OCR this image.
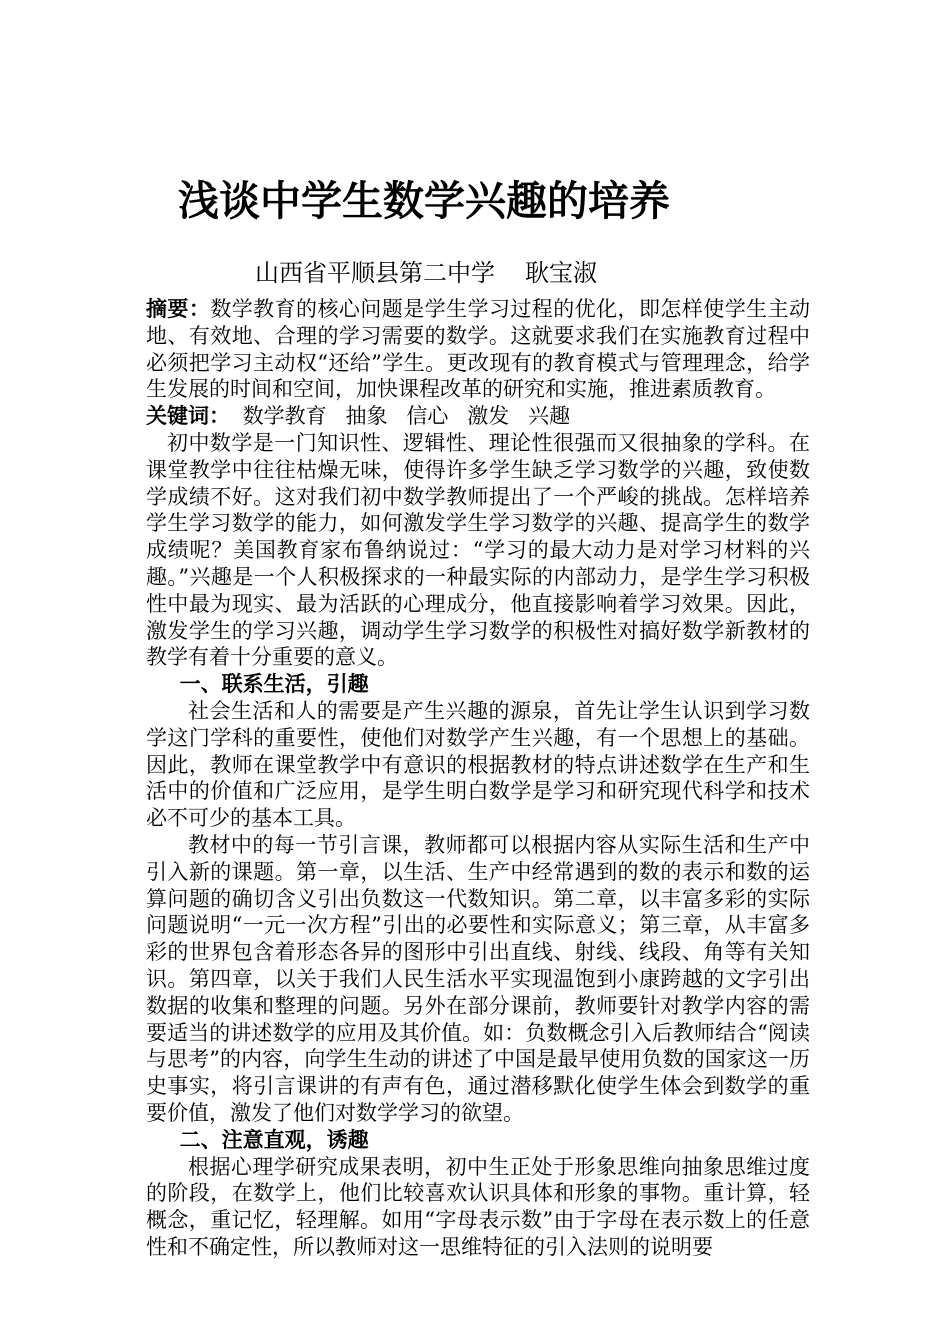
浅谈中学生数学兴趣的培养
山西省平顺县第二中学 耿宝淑

摘要：数学教育的核心问题是学生学习过程的优化，即怎样使学生主动地、有效地、合理的学习需要的数学。这就要求我们在实施教育过程中必须把学习主动权“还给”学生。更改现有的教育模式与管理理念，给学生发展的时间和空间，加快课程改革的研究和实施，推进素质教育。

关键词： 数学教育 抽象 信心 激发 兴趣

初中数学是一门知识性、逻辑性、理论性很强而又很抽象的学科。在课堂教学中往往枯燥无味，使得许多学生缺乏学习数学的兴趣，致使数学成绩不好。这对我们初中数学教师提出了一个严峻的挑战。怎样培养学生学习数学的能力，如何激发学生学习数学的兴趣、提高学生的数学成绩呢？美国教育家布鲁纳说过：“学习的最大动力是对学习材料的兴趣。”兴趣是一个人积极探求的一种最实际的内部动力，是学生学习积极性中最为现实、最为活跃的心理成分，他直接影响着学习效果。因此，激发学生的学习兴趣，调动学生学习数学的积极性对搞好数学新教材的教学有着十分重要的意义。

一、联系生活，引趣

社会生活和人的需要是产生兴趣的源泉，首先让学生认识到学习数学这门学科的重要性，使他们对数学产生兴趣，有一个思想上的基础。因此，教师在课堂教学中有意识的根据教材的特点讲述数学在生产和生活中的价值和广泛应用，是学生明白数学是学习和研究现代科学和技术必不可少的基本工具。

教材中的每一节引言课，教师都可以根据内容从实际生活和生产中引入新的课题。第一章，以生活、生产中经常遇到的数的表示和数的运算问题的确切含义引出负数这一代数知识。第二章，以丰富多彩的实际问题说明“一元一次方程”引出的必要性和实际意义；第三章，从丰富多彩的世界包含着形态各异的图形中引出直线、射线、线段、角等有关知识。第四章，以关于我们人民生活水平实现温饱到小康跨越的文字引出数据的收集和整理的问题。另外在部分课前，教师要针对教学内容的需要适当的讲述数学的应用及其价值。如：负数概念引入后教师结合“阅读与思考”的内容，向学生生动的讲述了中国是最早使用负数的国家这一历史事实，将引言课讲的有声有色，通过潜移默化使学生体会到数学的重要价值，激发了他们对数学学习的欲望。

二、注意直观，诱趣

根据心理学研究成果表明，初中生正处于形象思维向抽象思维过度的阶段，在数学上，他们比较喜欢认识具体和形象的事物。重计算，轻概念，重记忆，轻理解。如用“字母表示数”由于字母在表示数上的任意性和不确定性，所以教师对这一思维特征的引入法则的说明要
